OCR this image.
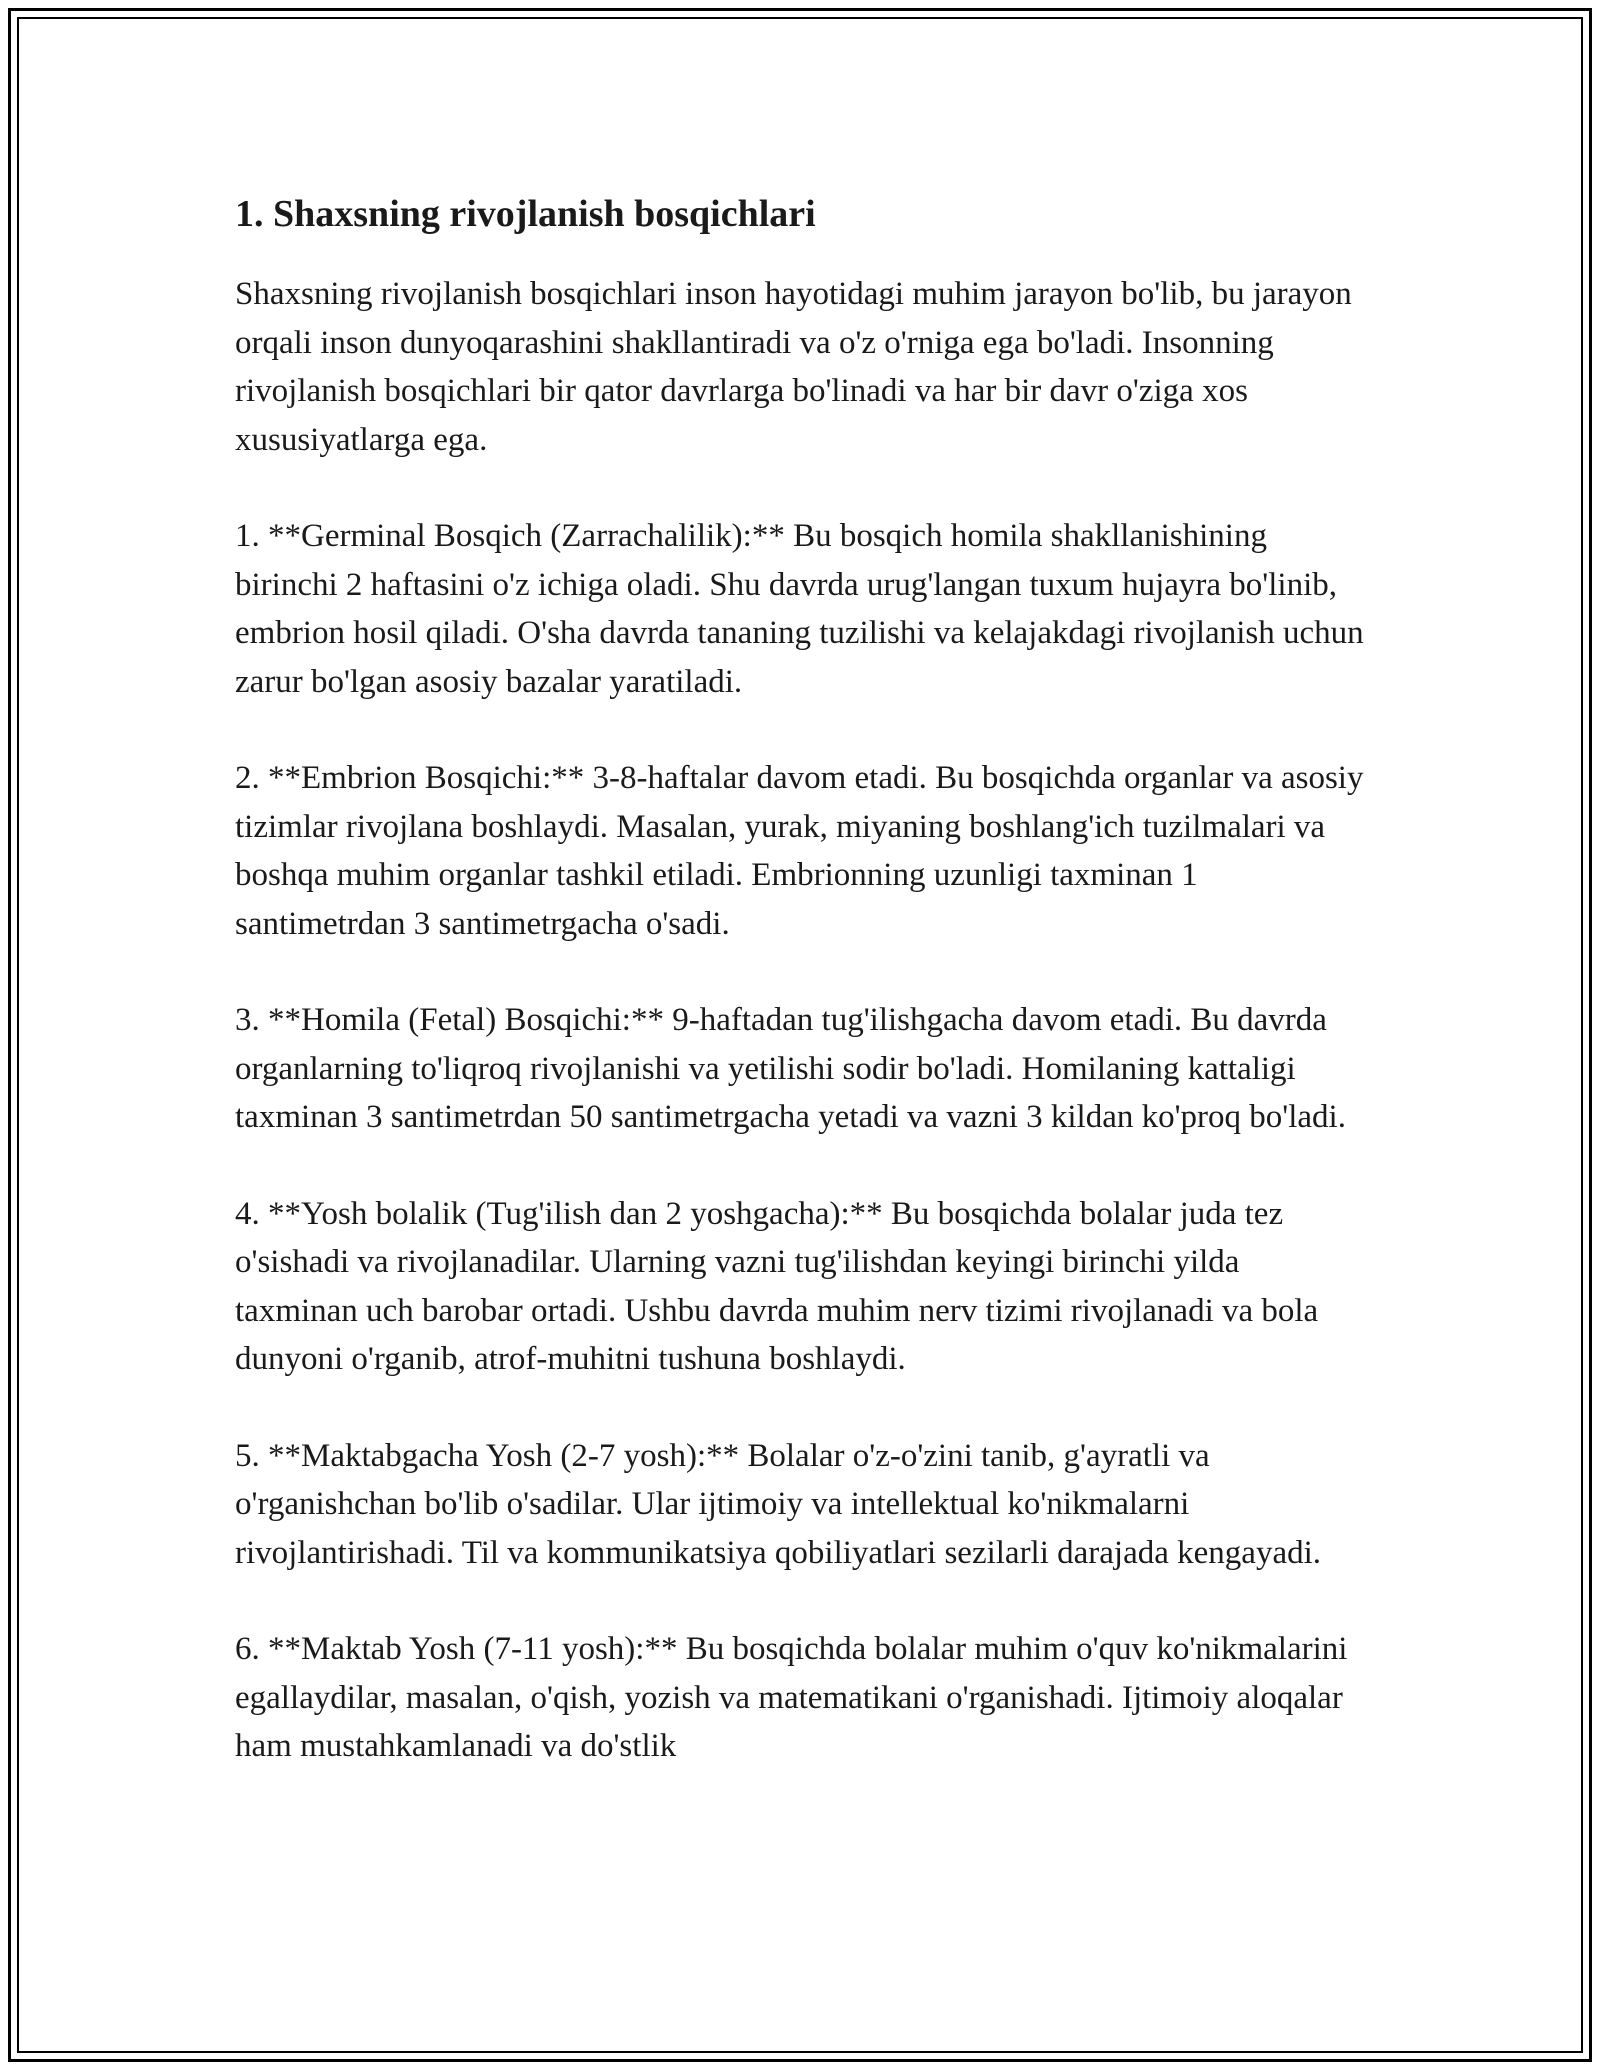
1. Shaxsning rivojlanish bosqichlari

Shaxsning rivojlanish bosqichlari inson hayotidagi muhim jarayon bo'lib, bu jarayon orqali inson dunyoqarashini shakllantiradi va o'z o'rniga ega bo'ladi. Insonning rivojlanish bosqichlari bir qator davrlarga bo'linadi va har bir davr o'ziga xos xususiyatlarga ega.

1. **Germinal Bosqich (Zarrachalilik):** Bu bosqich homila shakllanishining birinchi 2 haftasini o'z ichiga oladi. Shu davrda urug'langan tuxum hujayra bo'linib, embrion hosil qiladi. O'sha davrda tananing tuzilishi va kelajakdagi rivojlanish uchun zarur bo'lgan asosiy bazalar yaratiladi.

2. **Embrion Bosqichi:** 3-8-haftalar davom etadi. Bu bosqichda organlar va asosiy tizimlar rivojlana boshlaydi. Masalan, yurak, miyaning boshlang'ich tuzilmalari va boshqa muhim organlar tashkil etiladi. Embrionning uzunligi taxminan 1 santimetrdan 3 santimetrgacha o'sadi.

3. **Homila (Fetal) Bosqichi:** 9-haftadan tug'ilishgacha davom etadi. Bu davrda organlarning to'liqroq rivojlanishi va yetilishi sodir bo'ladi. Homilaning kattaligi taxminan 3 santimetrdan 50 santimetrgacha yetadi va vazni 3 kildan ko'proq bo'ladi.

4. **Yosh bolalik (Tug'ilish dan 2 yoshgacha):** Bu bosqichda bolalar juda tez o'sishadi va rivojlanadilar. Ularning vazni tug'ilishdan keyingi birinchi yilda taxminan uch barobar ortadi. Ushbu davrda muhim nerv tizimi rivojlanadi va bola dunyoni o'rganib, atrof-muhitni tushuna boshlaydi.

5. **Maktabgacha Yosh (2-7 yosh):** Bolalar o'z-o'zini tanib, g'ayratli va o'rganishchan bo'lib o'sadilar. Ular ijtimoiy va intellektual ko'nikmalarni rivojlantirishadi. Til va kommunikatsiya qobiliyatlari sezilarli darajada kengayadi.

6. **Maktab Yosh (7-11 yosh):** Bu bosqichda bolalar muhim o'quv ko'nikmalarini egallaydilar, masalan, o'qish, yozish va matematikani o'rganishadi. Ijtimoiy aloqalar ham mustahkamlanadi va do'stlik
